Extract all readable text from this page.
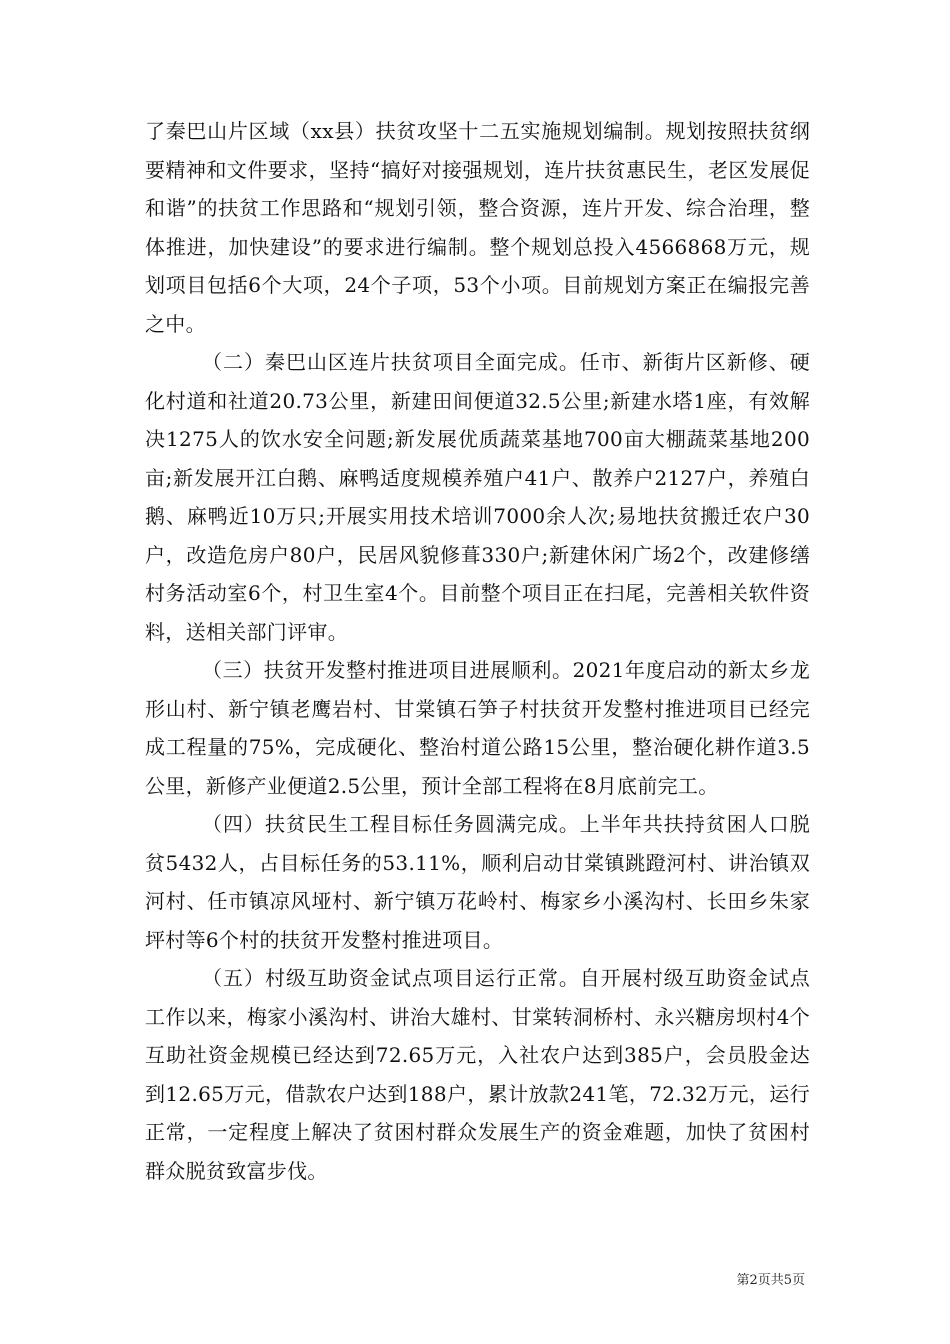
了秦巴山片区域（xx县）扶贫攻坚十二五实施规划编制。规划按照扶贫纲要精神和文件要求，坚持“搞好对接强规划，连片扶贫惠民生，老区发展促和谐”的扶贫工作思路和“规划引领，整合资源，连片开发、综合治理，整体推进，加快建设”的要求进行编制。整个规划总投入4566868万元，规划项目包括6个大项，24个子项，53个小项。目前规划方案正在编报完善之中。

（二）秦巴山区连片扶贫项目全面完成。任市、新街片区新修、硬化村道和社道20.73公里，新建田间便道32.5公里;新建水塔1座，有效解决1275人的饮水安全问题;新发展优质蔬菜基地700亩大棚蔬菜基地200亩;新发展开江白鹅、麻鸭适度规模养殖户41户、散养户2127户，养殖白鹅、麻鸭近10万只;开展实用技术培训7000余人次;易地扶贫搬迁农户30户，改造危房户80户，民居风貌修葺330户;新建休闲广场2个，改建修缮村务活动室6个，村卫生室4个。目前整个项目正在扫尾，完善相关软件资料，送相关部门评审。

（三）扶贫开发整村推进项目进展顺利。2021年度启动的新太乡龙形山村、新宁镇老鹰岩村、甘棠镇石笋子村扶贫开发整村推进项目已经完成工程量的75%，完成硬化、整治村道公路15公里，整治硬化耕作道3.5公里，新修产业便道2.5公里，预计全部工程将在8月底前完工。

（四）扶贫民生工程目标任务圆满完成。上半年共扶持贫困人口脱贫5432人，占目标任务的53.11%，顺利启动甘棠镇跳蹬河村、讲治镇双河村、任市镇凉风垭村、新宁镇万花岭村、梅家乡小溪沟村、长田乡朱家坪村等6个村的扶贫开发整村推进项目。

（五）村级互助资金试点项目运行正常。自开展村级互助资金试点工作以来，梅家小溪沟村、讲治大雄村、甘棠转洞桥村、永兴糖房坝村4个互助社资金规模已经达到72.65万元，入社农户达到385户，会员股金达到12.65万元，借款农户达到188户，累计放款241笔，72.32万元，运行正常，一定程度上解决了贫困村群众发展生产的资金难题，加快了贫困村群众脱贫致富步伐。

第2页共5页
